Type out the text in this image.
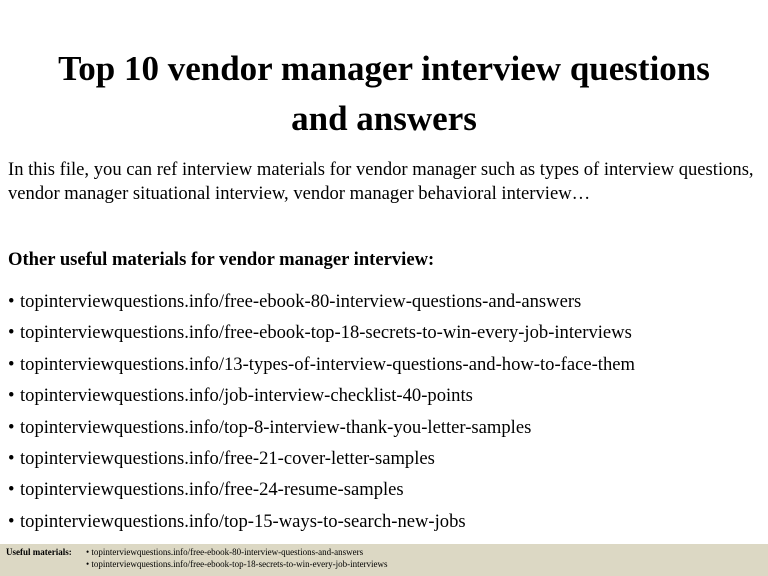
Top 10 vendor manager interview questions
and answers

In this file, you can ref interview materials for vendor manager such as types of interview questions, vendor manager situational interview, vendor manager behavioral interview…

Other useful materials for vendor manager interview:

• topinterviewquestions.info/free-ebook-80-interview-questions-and-answers
• topinterviewquestions.info/free-ebook-top-18-secrets-to-win-every-job-interviews
• topinterviewquestions.info/13-types-of-interview-questions-and-how-to-face-them
• topinterviewquestions.info/job-interview-checklist-40-points
• topinterviewquestions.info/top-8-interview-thank-you-letter-samples
• topinterviewquestions.info/free-21-cover-letter-samples
• topinterviewquestions.info/free-24-resume-samples
• topinterviewquestions.info/top-15-ways-to-search-new-jobs
Useful materials: • topinterviewquestions.info/free-ebook-80-interview-questions-and-answers
• topinterviewquestions.info/free-ebook-top-18-secrets-to-win-every-job-interviews
